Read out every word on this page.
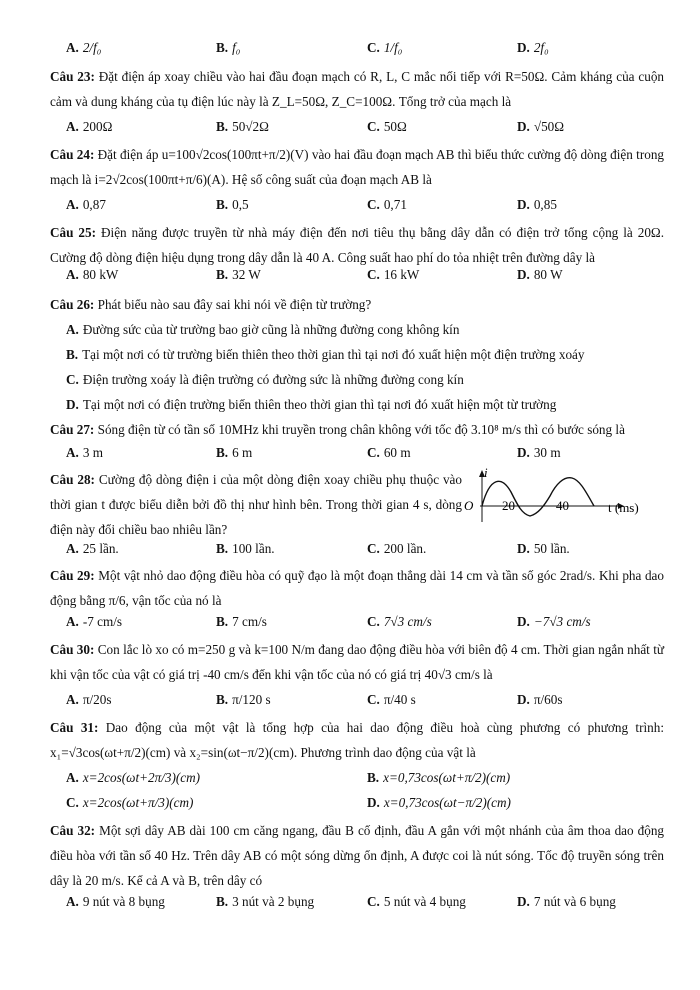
A. 2/f₀	B. f₀	C. 1/f₀	D. 2f₀
Câu 23: Đặt điện áp xoay chiều vào hai đầu đoạn mạch có R, L, C mắc nối tiếp với R=50Ω. Cảm kháng của cuộn cảm và dung kháng của tụ điện lúc này là Z_L=50Ω, Z_C=100Ω. Tổng trở của mạch là
A. 200Ω	B. 50√2Ω	C. 50Ω	D. √50Ω
Câu 24: Đặt điện áp u=100√2cos(100πt+π/2)(V) vào hai đầu đoạn mạch AB thì biểu thức cường độ dòng điện trong mạch là i=2√2cos(100πt+π/6)(A). Hệ số công suất của đoạn mạch AB là
A. 0,87	B. 0,5	C. 0,71	D. 0,85
Câu 25: Điện năng được truyền từ nhà máy điện đến nơi tiêu thụ bằng dây dẫn có điện trở tổng cộng là 20Ω. Cường độ dòng điện hiệu dụng trong dây dẫn là 40 A. Công suất hao phí do tỏa nhiệt trên đường dây là
A. 80 kW	B. 32 W	C. 16 kW	D. 80 W
Câu 26: Phát biểu nào sau đây sai khi nói về điện từ trường?
A. Đường sức của từ trường bao giờ cũng là những đường cong không kín
B. Tại một nơi có từ trường biến thiên theo thời gian thì tại nơi đó xuất hiện một điện trường xoáy
C. Điện trường xoáy là điện trường có đường sức là những đường cong kín
D. Tại một nơi có điện trường biến thiên theo thời gian thì tại nơi đó xuất hiện một từ trường
Câu 27: Sóng điện từ có tần số 10MHz khi truyền trong chân không với tốc độ 3.10⁸ m/s thì có bước sóng là
A. 3 m	B. 6 m	C. 60 m	D. 30 m
Câu 28: Cường độ dòng điện i của một dòng điện xoay chiều phụ thuộc vào thời gian t được biểu diễn bởi đồ thị như hình bên. Trong thời gian 4 s, dòng điện này đổi chiều bao nhiêu lần?
i
O 20	40	t (ms)
A. 25 lần.	B. 100 lần.	C. 200 lần.	D. 50 lần.
Câu 29: Một vật nhỏ dao động điều hòa có quỹ đạo là một đoạn thẳng dài 14 cm và tần số góc 2rad/s. Khi pha dao động bằng π/6, vận tốc của nó là
A. -7 cm/s	B. 7 cm/s	C. 7√3 cm/s	D. −7√3 cm/s
Câu 30: Con lắc lò xo có m=250 g và k=100 N/m đang dao động điều hòa với biên độ 4 cm. Thời gian ngắn nhất từ khi vận tốc của vật có giá trị -40 cm/s đến khi vận tốc của nó có giá trị 40√3 cm/s là
A. π/20s	B. π/120 s	C. π/40 s	D. π/60s
Câu 31: Dao động của một vật là tổng hợp của hai dao động điều hoà cùng phương có phương trình: x₁=√3cos(ωt+π/2)(cm) và x₂=sin(ωt−π/2)(cm). Phương trình dao động của vật là
A. x=2cos(ωt+2π/3)(cm)	B. x=0,73cos(ωt+π/2)(cm)
C. x=2cos(ωt+π/3)(cm)	D. x=0,73cos(ωt−π/2)(cm)
Câu 32: Một sợi dây AB dài 100 cm căng ngang, đầu B cố định, đầu A gắn với một nhánh của âm thoa dao động điều hòa với tần số 40 Hz. Trên dây AB có một sóng dừng ổn định, A được coi là nút sóng. Tốc độ truyền sóng trên dây là 20 m/s. Kể cả A và B, trên dây có
A. 9 nút và 8 bụng	B. 3 nút và 2 bụng	C. 5 nút và 4 bụng	D. 7 nút và 6 bụng
